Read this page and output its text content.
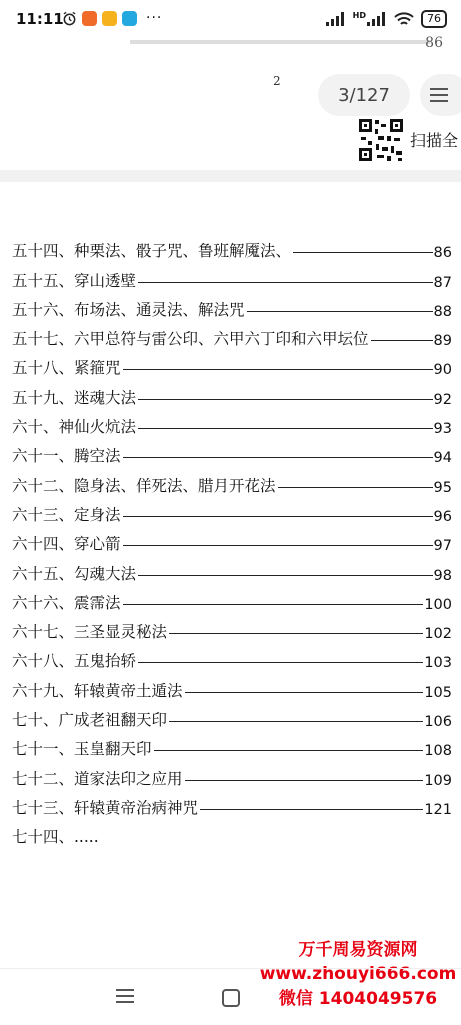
11:11	···	HD	76
86
2
3/127
扫描全
五十四、种栗法、骰子咒、鲁班解魇法、	86
五十五、穿山透壁	87
五十六、布场法、通灵法、解法咒	88
五十七、六甲总符与雷公印、六甲六丁印和六甲坛位	89
五十八、紧箍咒	90
五十九、迷魂大法	92
六十、神仙火炕法	93
六十一、腾空法	94
六十二、隐身法、佯死法、腊月开花法	95
六十三、定身法	96
六十四、穿心箭	97
六十五、勾魂大法	98
六十六、震霈法	100
六十七、三圣显灵秘法	102
六十八、五鬼抬轿	103
六十九、轩辕黄帝土遁法	105
七十、广成老祖翻天印	106
七十一、玉皇翻天印	108
七十二、道家法印之应用	109
七十三、轩辕黄帝治病神咒	121
七十四、.....
万千周易资源网
www.zhouyi666.com
微信 1404049576
